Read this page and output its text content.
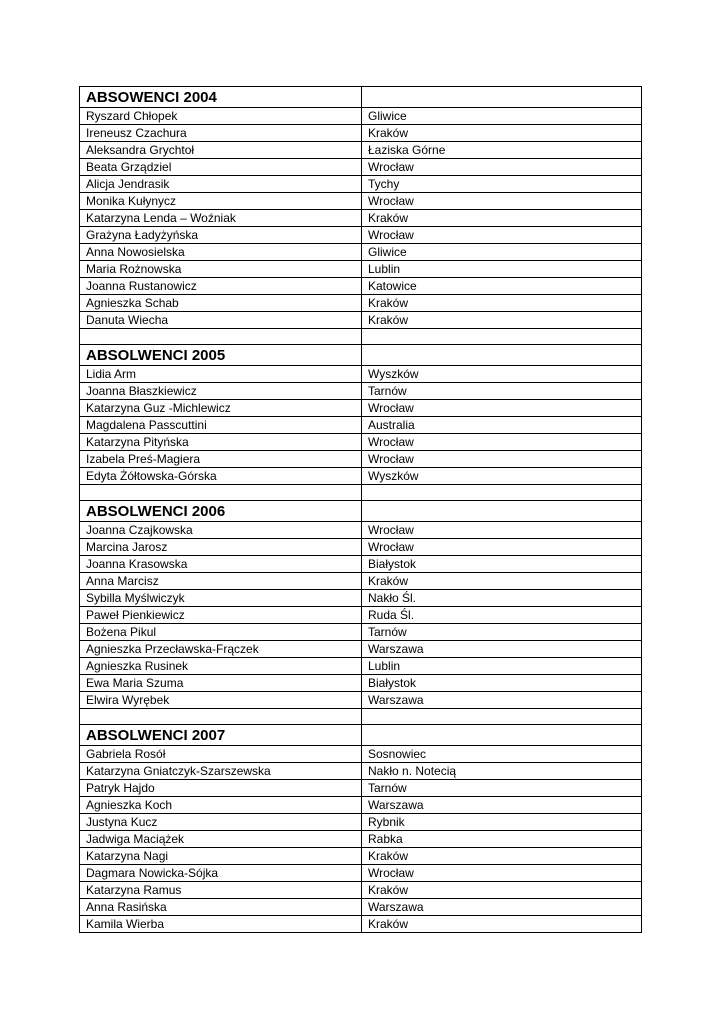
ABSOWENCI 2004	
Ryszard Chłopek	Gliwice
Ireneusz Czachura	Kraków
Aleksandra Grychtoł	Łaziska Górne
Beata Grządziel	Wrocław
Alicja Jendrasik	Tychy
Monika Kułynycz	Wrocław
Katarzyna Lenda – Woźniak	Kraków
Grażyna Ładyżyńska	Wrocław
Anna Nowosielska	Gliwice
Maria Rożnowska	Lublin
Joanna Rustanowicz	Katowice
Agnieszka Schab	Kraków
Danuta Wiecha	Kraków

ABSOLWENCI 2005	
Lidia Arm	Wyszków
Joanna Błaszkiewicz	Tarnów
Katarzyna Guz -Michlewicz	Wrocław
Magdalena Passcuttini	Australia
Katarzyna Pityńska	Wrocław
Izabela Preś-Magiera	Wrocław
Edyta Żółtowska-Górska	Wyszków

ABSOLWENCI 2006	
Joanna Czajkowska	Wrocław
Marcina Jarosz	Wrocław
Joanna Krasowska	Białystok
Anna Marcisz	Kraków
Sybilla Myślwiczyk	Nakło Śl.
Paweł Pienkiewicz	Ruda Śl.
Bożena Pikul	Tarnów
Agnieszka Przecławska-Frączek	Warszawa
Agnieszka Rusinek	Lublin
Ewa Maria Szuma	Białystok
Elwira Wyrębek	Warszawa

ABSOLWENCI 2007	
Gabriela Rosół	Sosnowiec
Katarzyna Gniatczyk-Szarszewska	Nakło n. Notecią
Patryk Hajdo	Tarnów
Agnieszka Koch	Warszawa
Justyna Kucz	Rybnik
Jadwiga Maciążek	Rabka
Katarzyna Nagi	Kraków
Dagmara Nowicka-Sójka	Wrocław
Katarzyna Ramus	Kraków
Anna Rasińska	Warszawa
Kamila Wierba	Kraków
